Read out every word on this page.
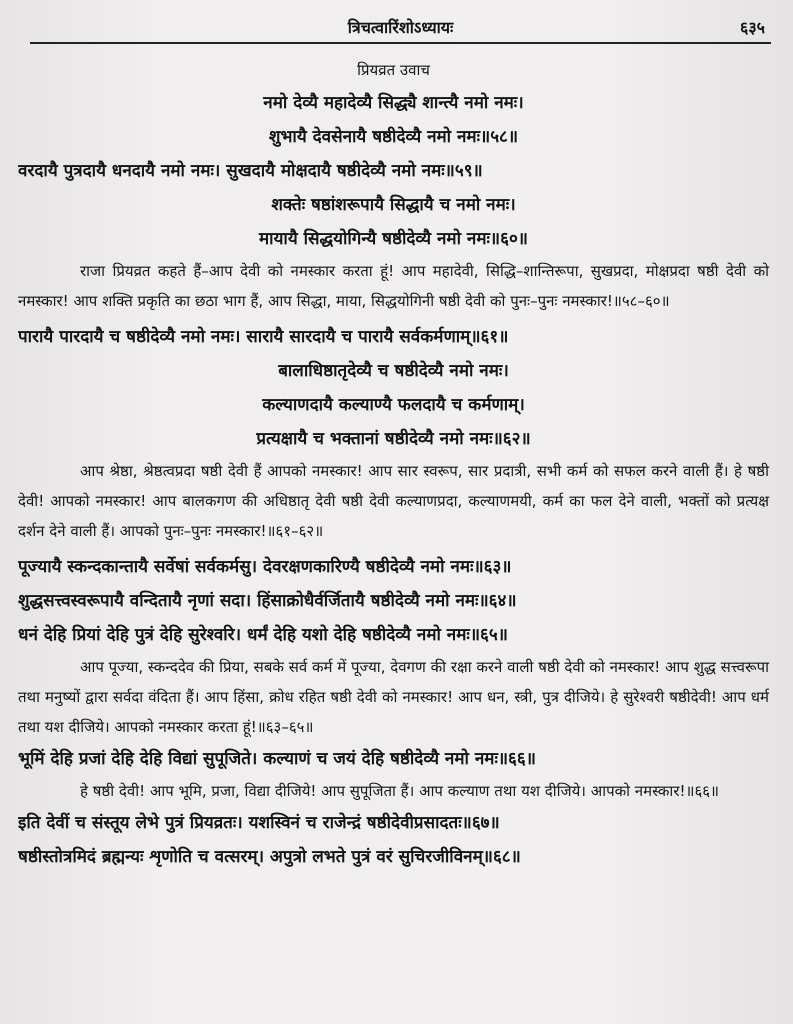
त्रिचत्वारिंशोऽध्यायः	६३५
प्रियव्रत उवाच
नमो देव्यै महादेव्यै सिद्ध्यै शान्त्यै नमो नमः।
शुभायै देवसेनायै षष्ठीदेव्यै नमो नमः॥५८॥
वरदायै पुत्रदायै धनदायै नमो नमः। सुखदायै मोक्षदायै षष्ठीदेव्यै नमो नमः॥५९॥
शक्तेः षष्ठांशरूपायै सिद्धायै च नमो नमः।
मायायै सिद्धयोगिन्यै षष्ठीदेव्यै नमो नमः॥६०॥

राजा प्रियव्रत कहते हैं–आप देवी को नमस्कार करता हूं! आप महादेवी, सिद्धि–शान्तिरूपा, सुखप्रदा, मोक्षप्रदा षष्ठी देवी को नमस्कार! आप शक्ति प्रकृति का छठा भाग हैं, आप सिद्धा, माया, सिद्धयोगिनी षष्ठी देवी को पुनः–पुनः नमस्कार!॥५८–६०॥

पारायै पारदायै च षष्ठीदेव्यै नमो नमः। सारायै सारदायै च पारायै सर्वकर्मणाम्॥६१॥
बालाधिष्ठातृदेव्यै च षष्ठीदेव्यै नमो नमः।
कल्याणदायै कल्याण्यै फलदायै च कर्मणाम्।
प्रत्यक्षायै च भक्तानां षष्ठीदेव्यै नमो नमः॥६२॥

आप श्रेष्ठा, श्रेष्ठत्वप्रदा षष्ठी देवी हैं आपको नमस्कार! आप सार स्वरूप, सार प्रदात्री, सभी कर्म को सफल करने वाली हैं। हे षष्ठी देवी! आपको नमस्कार! आप बालकगण की अधिष्ठातृ देवी षष्ठी देवी कल्याणप्रदा, कल्याणमयी, कर्म का फल देने वाली, भक्तों को प्रत्यक्ष दर्शन देने वाली हैं। आपको पुनः–पुनः नमस्कार!॥६१–६२॥

पूज्यायै स्कन्दकान्तायै सर्वेषां सर्वकर्मसु। देवरक्षणकारिण्यै षष्ठीदेव्यै नमो नमः॥६३॥
शुद्धसत्त्वस्वरूपायै वन्दितायै नृणां सदा। हिंसाक्रोधैर्वर्जितायै षष्ठीदेव्यै नमो नमः॥६४॥
धनं देहि प्रियां देहि पुत्रं देहि सुरेश्वरि। धर्मं देहि यशो देहि षष्ठीदेव्यै नमो नमः॥६५॥

आप पूज्या, स्कन्ददेव की प्रिया, सबके सर्व कर्म में पूज्या, देवगण की रक्षा करने वाली षष्ठी देवी को नमस्कार! आप शुद्ध सत्त्वरूपा तथा मनुष्यों द्वारा सर्वदा वंदिता हैं। आप हिंसा, क्रोध रहित षष्ठी देवी को नमस्कार! आप धन, स्त्री, पुत्र दीजिये। हे सुरेश्वरी षष्ठीदेवी! आप धर्म तथा यश दीजिये। आपको नमस्कार करता हूं!॥६३–६५॥

भूमिं देहि प्रजां देहि देहि विद्यां सुपूजिते। कल्याणं च जयं देहि षष्ठीदेव्यै नमो नमः॥६६॥

हे षष्ठी देवी! आप भूमि, प्रजा, विद्या दीजिये! आप सुपूजिता हैं। आप कल्याण तथा यश दीजिये। आपको नमस्कार!॥६६॥

इति देवीं च संस्तूय लेभे पुत्रं प्रियव्रतः। यशस्विनं च राजेन्द्रं षष्ठीदेवीप्रसादतः॥६७॥
षष्ठीस्तोत्रमिदं ब्रह्मन्यः शृणोति च वत्सरम्। अपुत्रो लभते पुत्रं वरं सुचिरजीविनम्॥६८॥
